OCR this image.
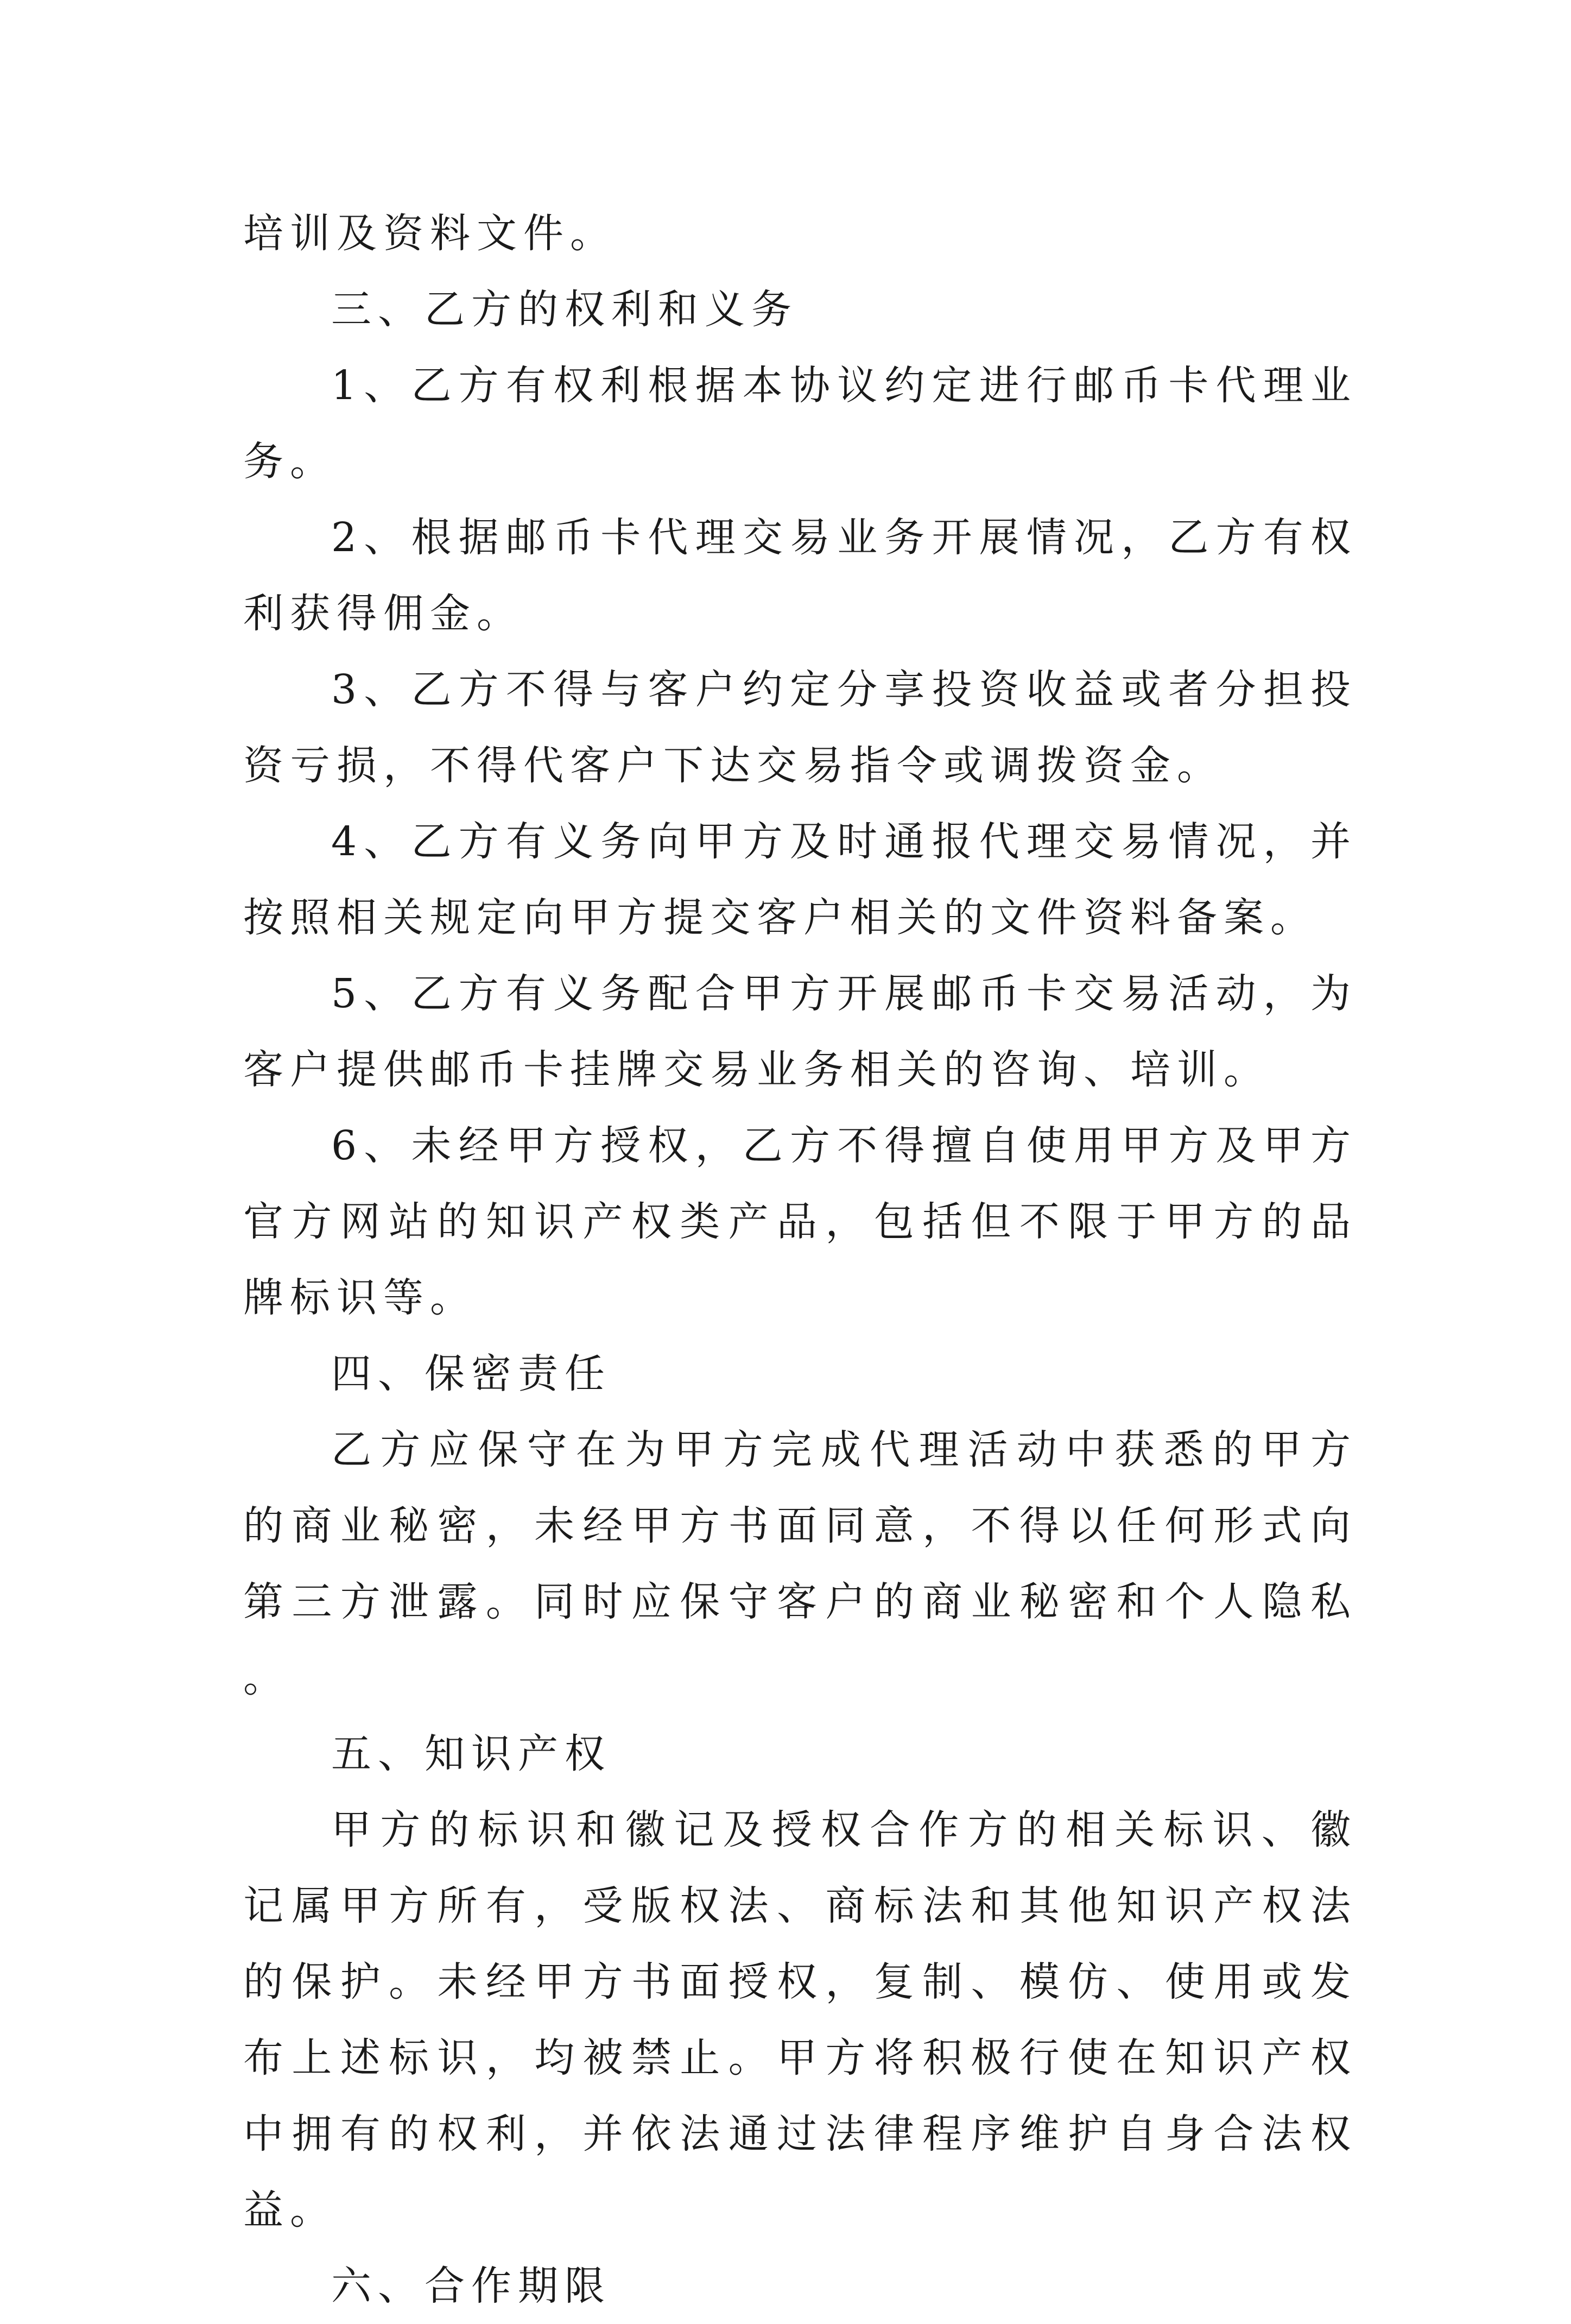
培训及资料文件。

三、乙方的权利和义务

1、乙方有权利根据本协议约定进行邮币卡代理业务。

2、根据邮币卡代理交易业务开展情况，乙方有权利获得佣金。

3、乙方不得与客户约定分享投资收益或者分担投资亏损，不得代客户下达交易指令或调拨资金。

4、乙方有义务向甲方及时通报代理交易情况，并按照相关规定向甲方提交客户相关的文件资料备案。

5、乙方有义务配合甲方开展邮币卡交易活动，为客户提供邮币卡挂牌交易业务相关的咨询、培训。

6、未经甲方授权，乙方不得擅自使用甲方及甲方官方网站的知识产权类产品，包括但不限于甲方的品牌标识等。

四、保密责任

乙方应保守在为甲方完成代理活动中获悉的甲方的商业秘密，未经甲方书面同意，不得以任何形式向第三方泄露。同时应保守客户的商业秘密和个人隐私。

五、知识产权

甲方的标识和徽记及授权合作方的相关标识、徽记属甲方所有，受版权法、商标法和其他知识产权法的保护。未经甲方书面授权，复制、模仿、使用或发布上述标识，均被禁止。甲方将积极行使在知识产权中拥有的权利，并依法通过法律程序维护自身合法权益。

六、合作期限
